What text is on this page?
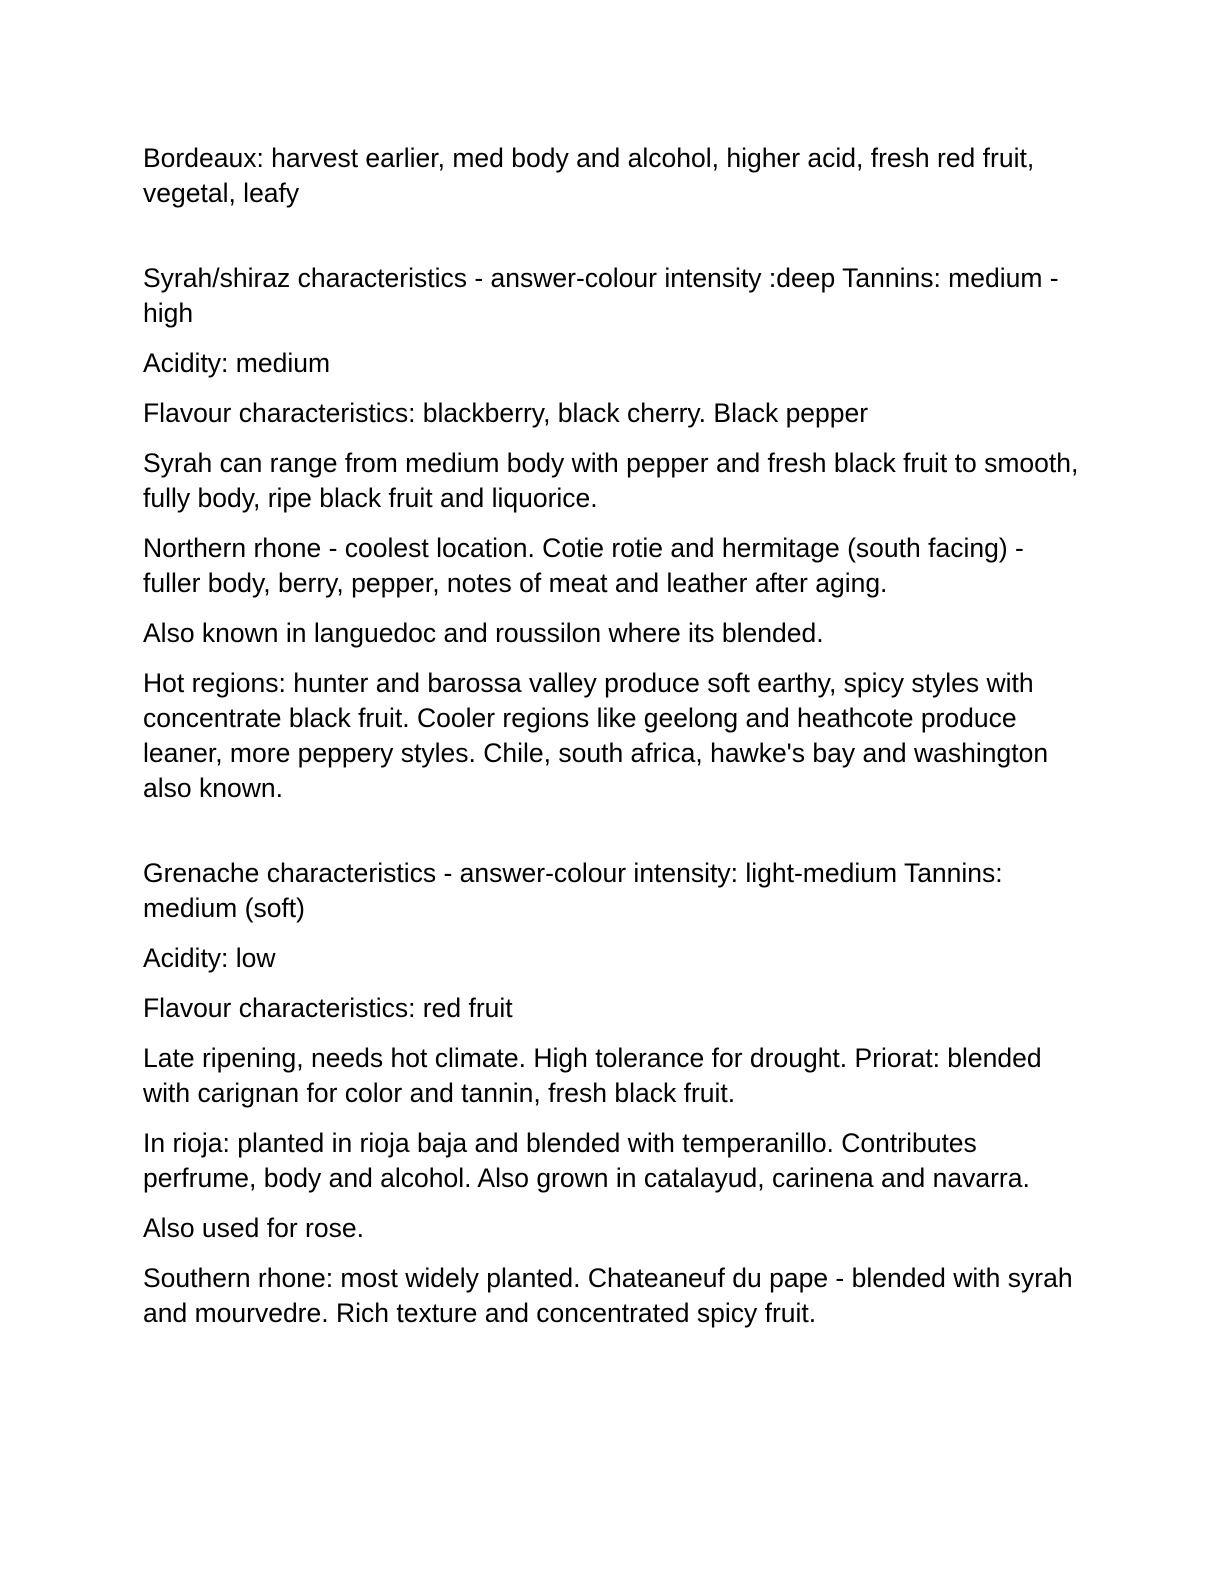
Bordeaux: harvest earlier, med body and alcohol, higher acid, fresh red fruit, vegetal, leafy

Syrah/shiraz characteristics - answer-colour intensity :deep Tannins: medium - high

Acidity: medium

Flavour characteristics: blackberry, black cherry. Black pepper

Syrah can range from medium body with pepper and fresh black fruit to smooth, fully body, ripe black fruit and liquorice.

Northern rhone - coolest location. Cotie rotie and hermitage (south facing) - fuller body, berry, pepper, notes of meat and leather after aging.

Also known in languedoc and roussilon where its blended.

Hot regions: hunter and barossa valley produce soft earthy, spicy styles with concentrate black fruit. Cooler regions like geelong and heathcote produce leaner, more peppery styles. Chile, south africa, hawke's bay and washington also known.

Grenache characteristics - answer-colour intensity: light-medium Tannins: medium (soft)

Acidity: low

Flavour characteristics: red fruit

Late ripening, needs hot climate. High tolerance for drought. Priorat: blended with carignan for color and tannin, fresh black fruit.

In rioja: planted in rioja baja and blended with temperanillo. Contributes perfrume, body and alcohol. Also grown in catalayud, carinena and navarra.

Also used for rose.

Southern rhone: most widely planted. Chateaneuf du pape - blended with syrah and mourvedre. Rich texture and concentrated spicy fruit.
